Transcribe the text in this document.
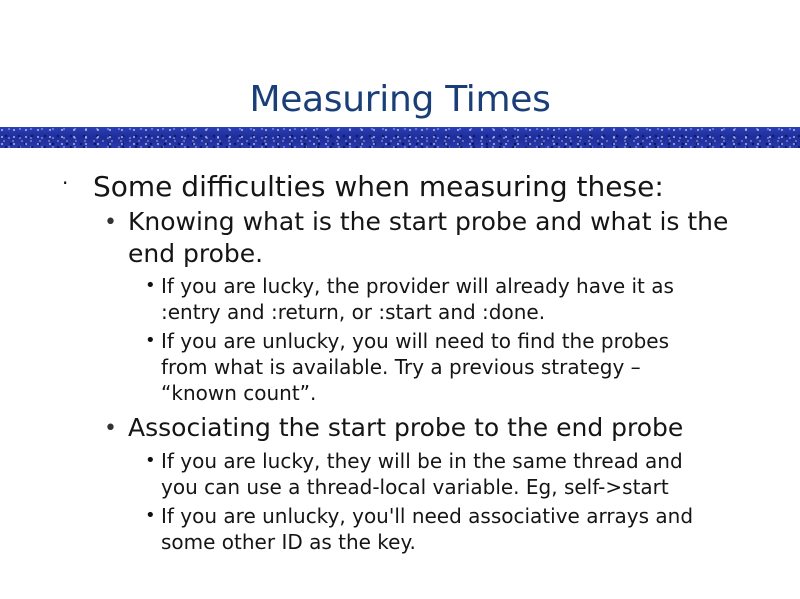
Measuring Times
· Some difficulties when measuring these:
• Knowing what is the start probe and what is the
end probe.
• If you are lucky, the provider will already have it as
:entry and :return, or :start and :done.
• If you are unlucky, you will need to find the probes
from what is available. Try a previous strategy –
“known count”.
• Associating the start probe to the end probe
• If you are lucky, they will be in the same thread and
you can use a thread-local variable. Eg, self->start
• If you are unlucky, you'll need associative arrays and
some other ID as the key.
